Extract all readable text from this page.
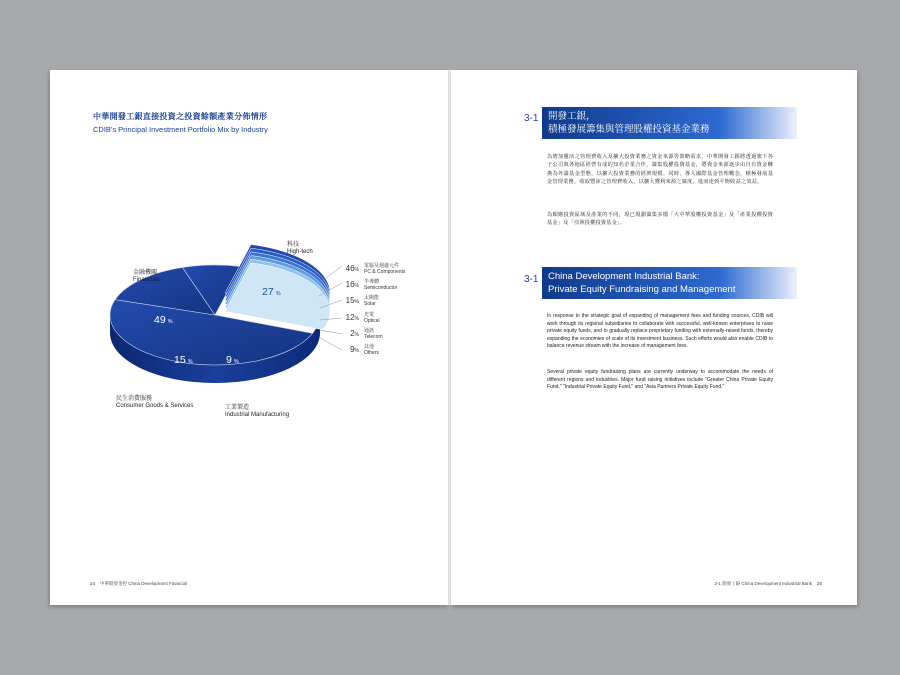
中華開發工銀直接投資之投資餘額產業分佈情形
CDIB's Principal Investment Portfolio Mix by Industry
金融機關
Financials
科技
High-tech
民生消費服務
Consumer Goods & Services	工業製造
Industrial Manufacturing
49 %
27 %
15 %	9 %
46%
電腦及週邊元件
PC & Components
16%
半導體
Semiconductor
15%
太陽能
Solar
12%
光電
Optical
2%
通訊
Telecom
9%
其他
Others
24 中華開發金控 China Development Financial
3-1 開發工銀，
積極發展籌集與管理股權投資基金業務
為增加靈活之管理費收入及擴大投資業務之資金來源等策略需求，中華開發工銀將透過旗下各子公司與各地區經營有成的知名企業合作，籌集股權投資基金，將資金來源逐步由自有資金轉換為外籌基金型態，以擴大投資業務的經濟規模。同時，導入國際基金管理概念，積極發展基金管理業務，收取豐沛之管理費收入，以擴大獲利來源之廣度，進而達到平衡收益之效益。
為順應投資區域及產業的不同，現已規劃籌集多檔「大中華股權投資基金」及「產業投權投資基金」及「亞洲投權投資基金」。
3-1 China Development Industrial Bank:
Private Equity Fundraising and Management
In response to the strategic goal of expanding of management fees and funding sources, CDIB will work through its regional subsidiaries to collaborate with successful, well-known enterprises to raise private equity funds, and to gradually replace proprietary funding with externally-raised funds, thereby expanding the economies of scale of its investment business. Such efforts would also enable CDIB to balance revenue stream with the increase of management fees.
Several private equity fundraising plans are currently underway to accommodate the needs of different regions and industries. Major fund raising initiatives include "Greater China Private Equity Fund," "Industrial Private Equity Fund," and "Asia Partners Private Equity Fund."
3-1 開發工銀 China Development Industrial Bank 25
